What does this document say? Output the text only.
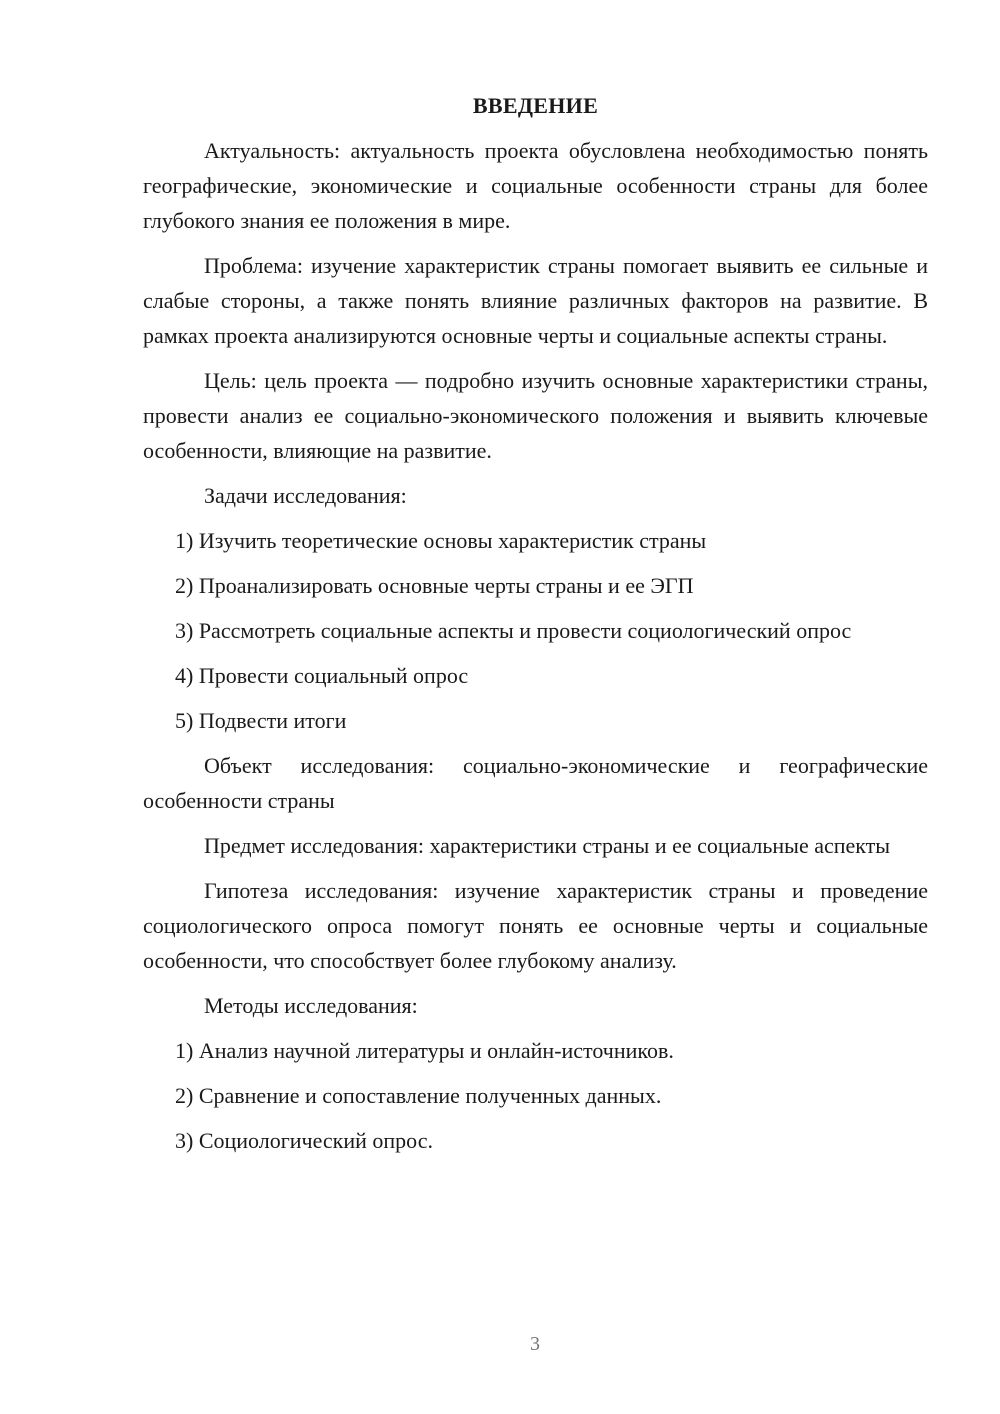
ВВЕДЕНИЕ

Актуальность: актуальность проекта обусловлена необходимостью понять географические, экономические и социальные особенности страны для более глубокого знания ее положения в мире.

Проблема: изучение характеристик страны помогает выявить ее сильные и слабые стороны, а также понять влияние различных факторов на развитие. В рамках проекта анализируются основные черты и социальные аспекты страны.

Цель: цель проекта — подробно изучить основные характеристики страны, провести анализ ее социально-экономического положения и выявить ключевые особенности, влияющие на развитие.

Задачи исследования:

1) Изучить теоретические основы характеристик страны

2) Проанализировать основные черты страны и ее ЭГП

3) Рассмотреть социальные аспекты и провести социологический опрос

4) Провести социальный опрос

5) Подвести итоги

Объект исследования: социально-экономические и географические особенности страны

Предмет исследования: характеристики страны и ее социальные аспекты

Гипотеза исследования: изучение характеристик страны и проведение социологического опроса помогут понять ее основные черты и социальные особенности, что способствует более глубокому анализу.

Методы исследования:

1) Анализ научной литературы и онлайн-источников.

2) Сравнение и сопоставление полученных данных.

3) Социологический опрос.

3
